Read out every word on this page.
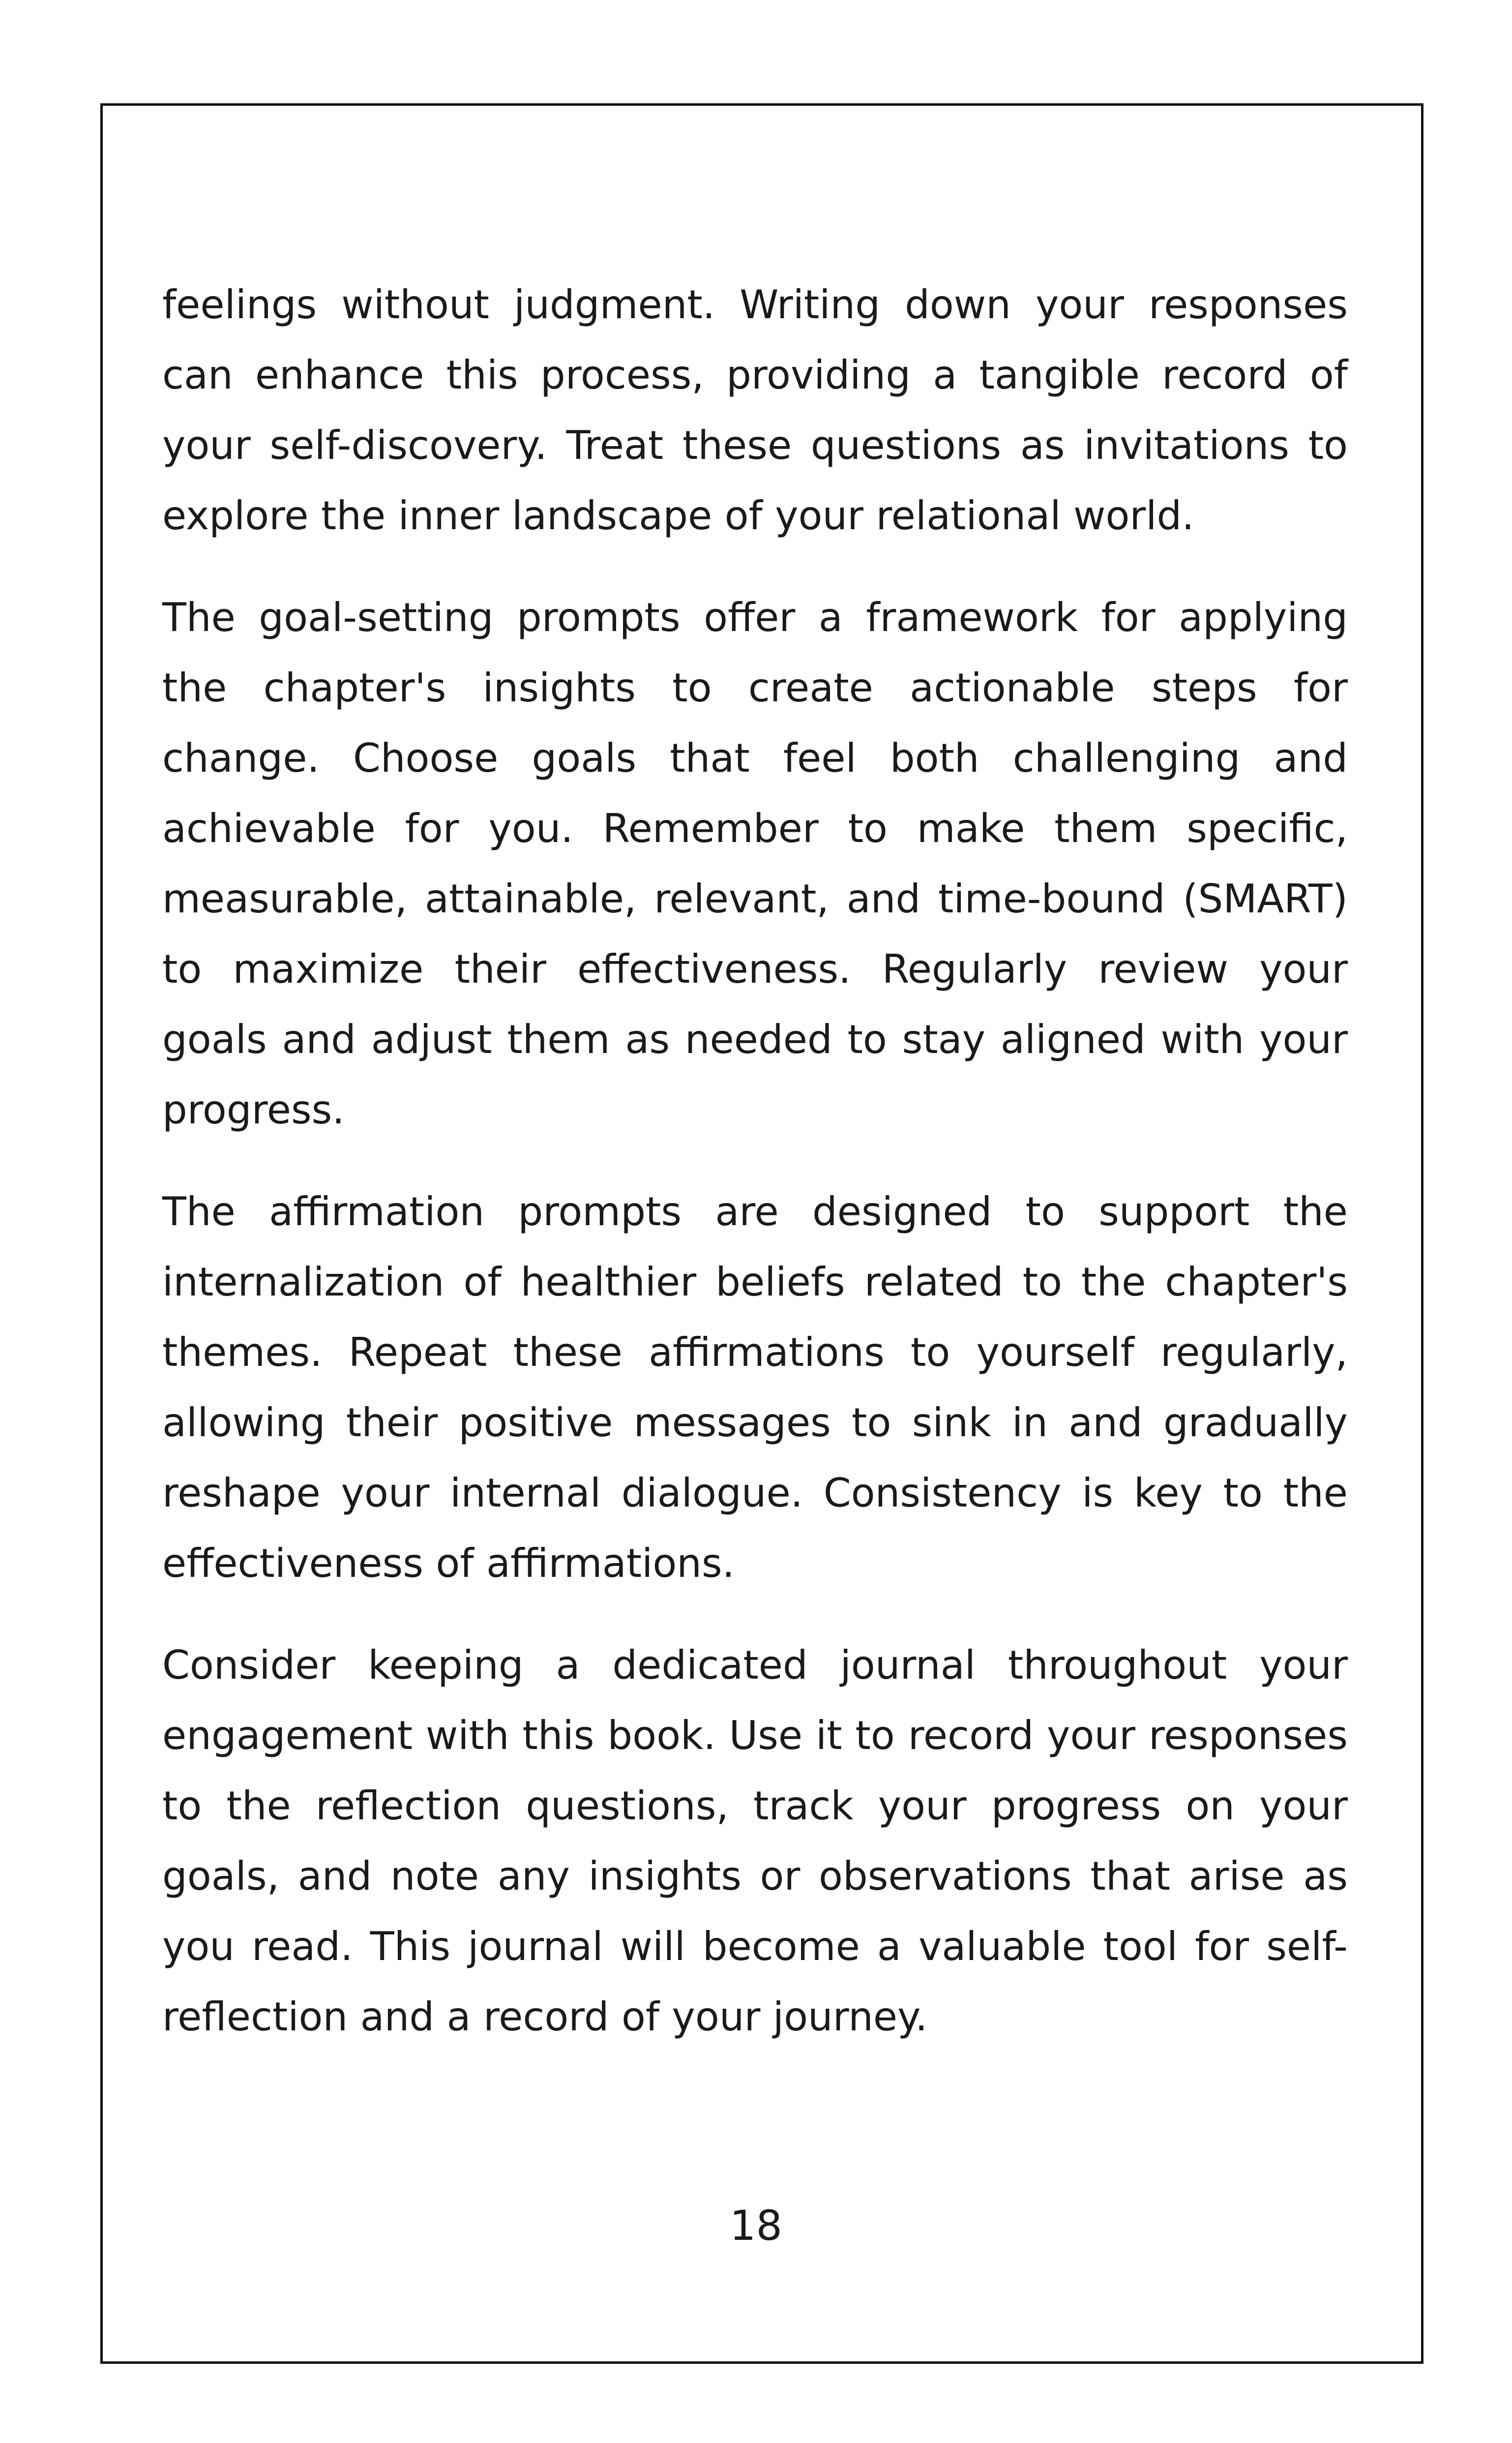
feelings without judgment. Writing down your responses can enhance this process, providing a tangible record of your self-discovery. Treat these questions as invitations to explore the inner landscape of your relational world.

The goal-setting prompts offer a framework for applying the chapter's insights to create actionable steps for change. Choose goals that feel both challenging and achievable for you. Remember to make them specific, measurable, attainable, relevant, and time-bound (SMART) to maximize their effectiveness. Regularly review your goals and adjust them as needed to stay aligned with your progress.

The affirmation prompts are designed to support the internalization of healthier beliefs related to the chapter's themes. Repeat these affirmations to yourself regularly, allowing their positive messages to sink in and gradually reshape your internal dialogue. Consistency is key to the effectiveness of affirmations.

Consider keeping a dedicated journal throughout your engagement with this book. Use it to record your responses to the reflection questions, track your progress on your goals, and note any insights or observations that arise as you read. This journal will become a valuable tool for self-reflection and a record of your journey.

18
